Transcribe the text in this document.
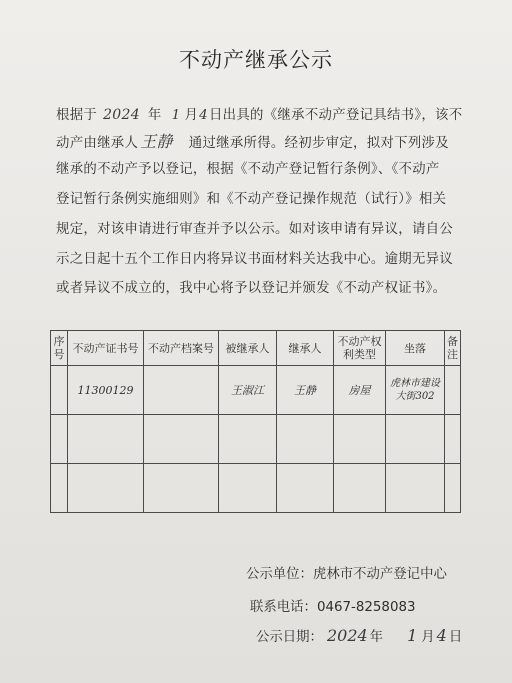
不动产继承公示
根据于 2024 年 1 月4日出具的《继承不动产登记具结书》，该不
动产由继承人 王静 通过继承所得。经初步审定，拟对下列涉及
继承的不动产予以登记，根据《不动产登记暂行条例》、《不动产
登记暂行条例实施细则》和《不动产登记操作规范（试行）》相关
规定，对该申请进行审查并予以公示。如对该申请有异议，请自公
示之日起十五个工作日内将异议书面材料关达我中心。逾期无异议
或者异议不成立的，我中心将予以登记并颁发《不动产权证书》。
序号	不动产证书号	不动产档案号	被继承人	继承人	不动产权利类型	坐落	备注
	11300129		王淑江	王静	房屋	虎林市建设大街302	

公示单位：虎林市不动产登记中心
联系电话：0467-8258083
公示日期： 2024 年 1 月 4 日
